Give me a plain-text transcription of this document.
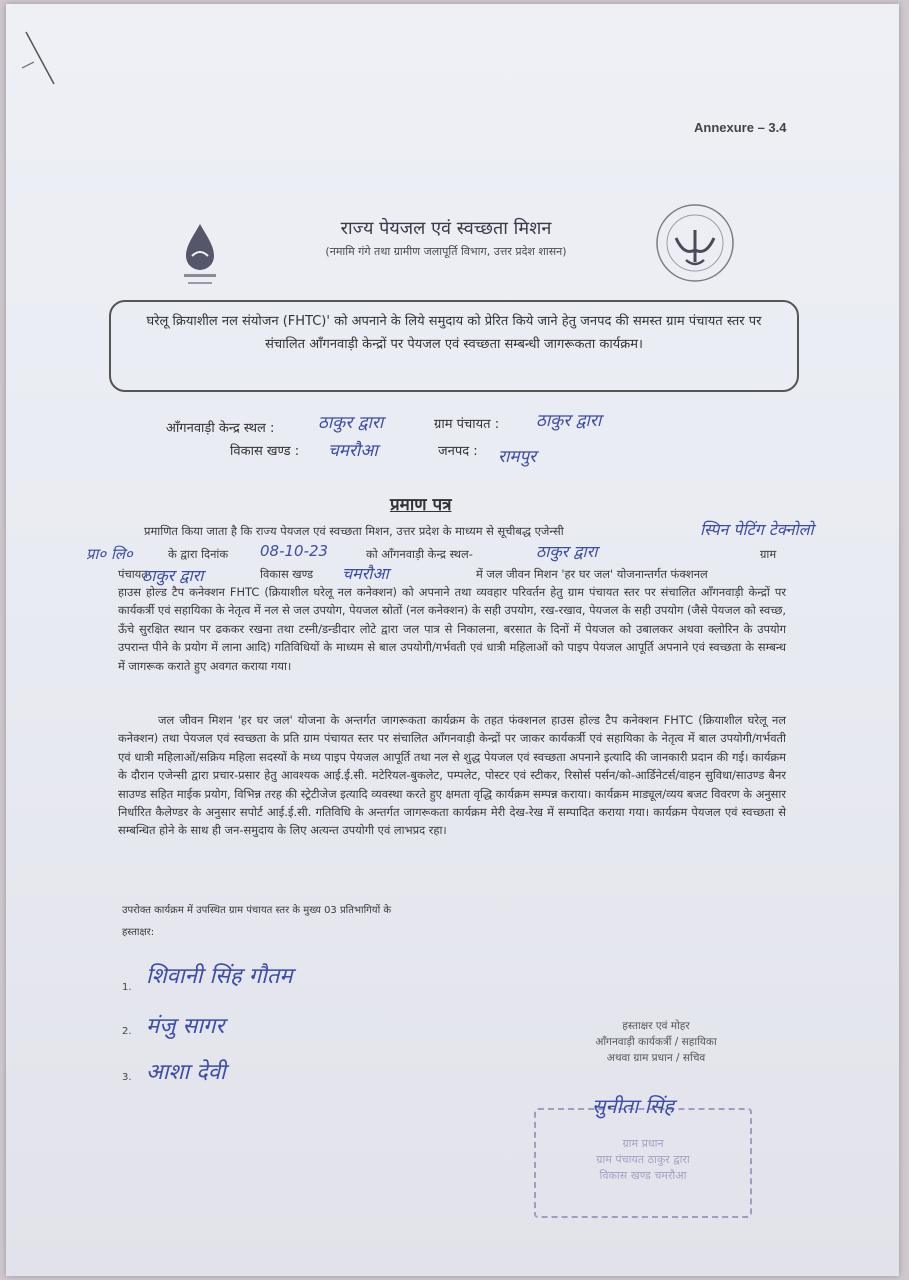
Annexure – 3.4
राज्य पेयजल एवं स्वच्छता मिशन
(नमामि गंगे तथा ग्रामीण जलापूर्ति विभाग, उत्तर प्रदेश शासन)
घरेलू क्रियाशील नल संयोजन (FHTC)' को अपनाने के लिये समुदाय को प्रेरित किये जाने हेतु जनपद की समस्त ग्राम पंचायत स्तर पर संचालित आँगनवाड़ी केन्द्रों पर पेयजल एवं स्वच्छता सम्बन्धी जागरूकता कार्यक्रम।
आँगनवाड़ी केन्द्र स्थल :	ठाकुर द्वारा	ग्राम पंचायत : ठाकुर द्वारा
विकास खण्ड : चमरौआ	जनपद : रामपुर
प्रमाण पत्र
प्रमाणित किया जाता है कि राज्य पेयजल एवं स्वच्छता मिशन, उत्तर प्रदेश के माध्यम से सूचीबद्ध एजेन्सी	स्पिन पेटिंग टेक्नोलो
प्रा० लि०	के द्वारा दिनांक 08-10-23	को आँगनवाड़ी केन्द्र स्थल-	ठाकुर द्वारा	ग्राम
पंचायत
ठाकुर द्वारा	विकास खण्ड चमरौआ	में जल जीवन मिशन 'हर घर जल' योजनान्तर्गत फंक्शनल
हाउस होल्ड टैप कनेक्शन FHTC (क्रियाशील घरेलू नल कनेक्शन) को अपनाने तथा व्यवहार परिवर्तन हेतु ग्राम पंचायत स्तर पर संचालित आँगनवाड़ी केन्द्रों पर कार्यकर्त्री एवं सहायिका के नेतृत्व में नल से जल उपयोग, पेयजल स्रोतों (नल कनेक्शन) के सही उपयोग, रख-रखाव, पेयजल के सही उपयोग (जैसे पेयजल को स्वच्छ, ऊँचे सुरक्षित स्थान पर ढककर रखना तथा टस्नी/डन्डीदार लोटे द्वारा जल पात्र से निकालना, बरसात के दिनों में पेयजल को उबालकर अथवा क्लोरिन के उपयोग उपरान्त पीने के प्रयोग में लाना आदि) गतिविधियों के माध्यम से बाल उपयोगी/गर्भवती एवं धात्री महिलाओं को पाइप पेयजल आपूर्ति अपनाने एवं स्वच्छता के सम्बन्ध में जागरूक कराते हुए अवगत कराया गया।
जल जीवन मिशन 'हर घर जल' योजना के अन्तर्गत जागरूकता कार्यक्रम के तहत फंक्शनल हाउस होल्ड टैप कनेक्शन FHTC (क्रियाशील घरेलू नल कनेक्शन) तथा पेयजल एवं स्वच्छता के प्रति ग्राम पंचायत स्तर पर संचालित आँगनवाड़ी केन्द्रों पर जाकर कार्यकर्त्री एवं सहायिका के नेतृत्व में बाल उपयोगी/गर्भवती एवं धात्री महिलाओं/सक्रिय महिला सदस्यों के मध्य पाइप पेयजल आपूर्ति तथा नल से शुद्ध पेयजल एवं स्वच्छता अपनाने इत्यादि की जानकारी प्रदान की गई। कार्यक्रम के दौरान एजेन्सी द्वारा प्रचार-प्रसार हेतु आवश्यक आई.ई.सी. मटेरियल-बुकलेट, पम्पलेट, पोस्टर एवं स्टीकर, रिसोर्स पर्सन/को-आर्डिनेटर्स/वाहन सुविधा/साउण्ड बैनर साउण्ड सहित माईक प्रयोग, विभिन्न तरह की स्ट्रेटीजेज इत्यादि व्यवस्था करते हुए क्षमता वृद्धि कार्यक्रम सम्पन्न कराया। कार्यक्रम माड्यूल/व्यय बजट विवरण के अनुसार निर्धारित कैलेण्डर के अनुसार सपोर्ट आई.ई.सी. गतिविधि के अन्तर्गत जागरूकता कार्यक्रम मेरी देख-रेख में सम्पादित कराया गया। कार्यक्रम पेयजल एवं स्वच्छता से सम्बन्धित होने के साथ ही जन-समुदाय के लिए अत्यन्त उपयोगी एवं लाभप्रद रहा।
उपरोक्त कार्यक्रम में उपस्थित ग्राम पंचायत स्तर के मुख्य 03 प्रतिभागियों के
हस्ताक्षर:
1. शिवानी सिंह गौतम
2. मंजु सागर
3. आशा देवी
हस्ताक्षर एवं मोहर
आँगनवाड़ी कार्यकर्त्री / सहायिका
अथवा ग्राम प्रधान / सचिव
ग्राम प्रधान
ग्राम पंचायत ठाकुर द्वारा
विकास खण्ड चमरौआ
सुनीता सिंह
